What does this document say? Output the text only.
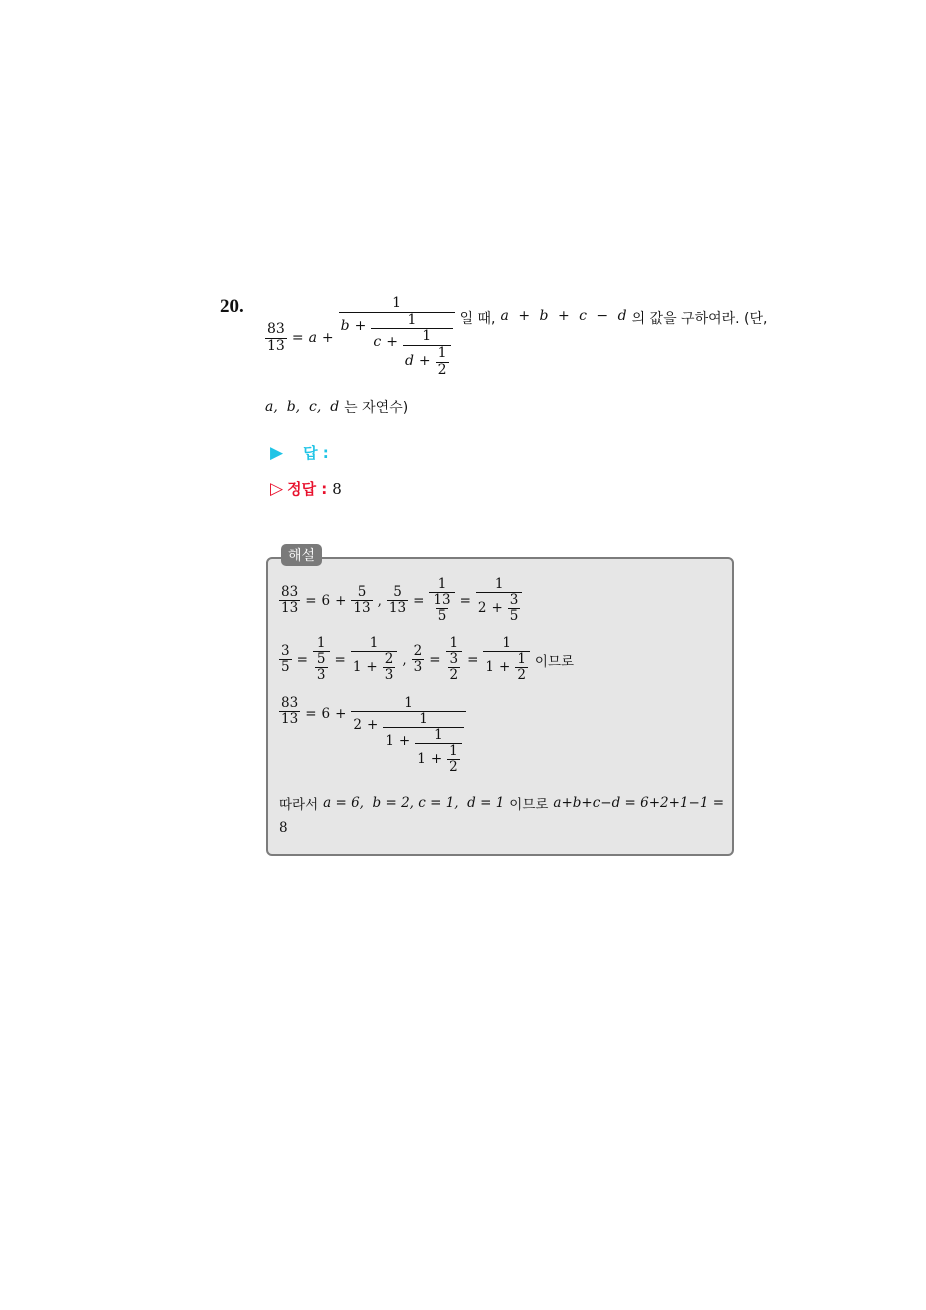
20.
$\frac{83}{13} = a$ +
1
b +	1
c +	1
$d + \frac{1}{2}$
일 때, a + b + c − d 의 값을 구하여라. (단,
a,  b,  c,  d 는 자연수)
▶ 답 :
▷ 정답 : 8
해설
$\frac{83}{13} = 6 + \frac{5}{13}$ , $\frac{5}{13} = \frac{1}{\frac{13}{5}} = \frac{1}{2 + \frac{3}{5}}$
$\frac{3}{5} = \frac{1}{\frac{5}{3}} = \frac{1}{1 + \frac{2}{3}}$ , $\frac{2}{3} = \frac{1}{\frac{3}{2}} = \frac{1}{1 + \frac{1}{2}}$ 이므로
$\frac{83}{13} = 6$ +
1
2 +	1
1 +	1
$1 + \frac{1}{2}$
따라서 a = 6,  b = 2, c = 1,  d = 1 이므로 a+b+c−d = 6+2+1−1 =
8
